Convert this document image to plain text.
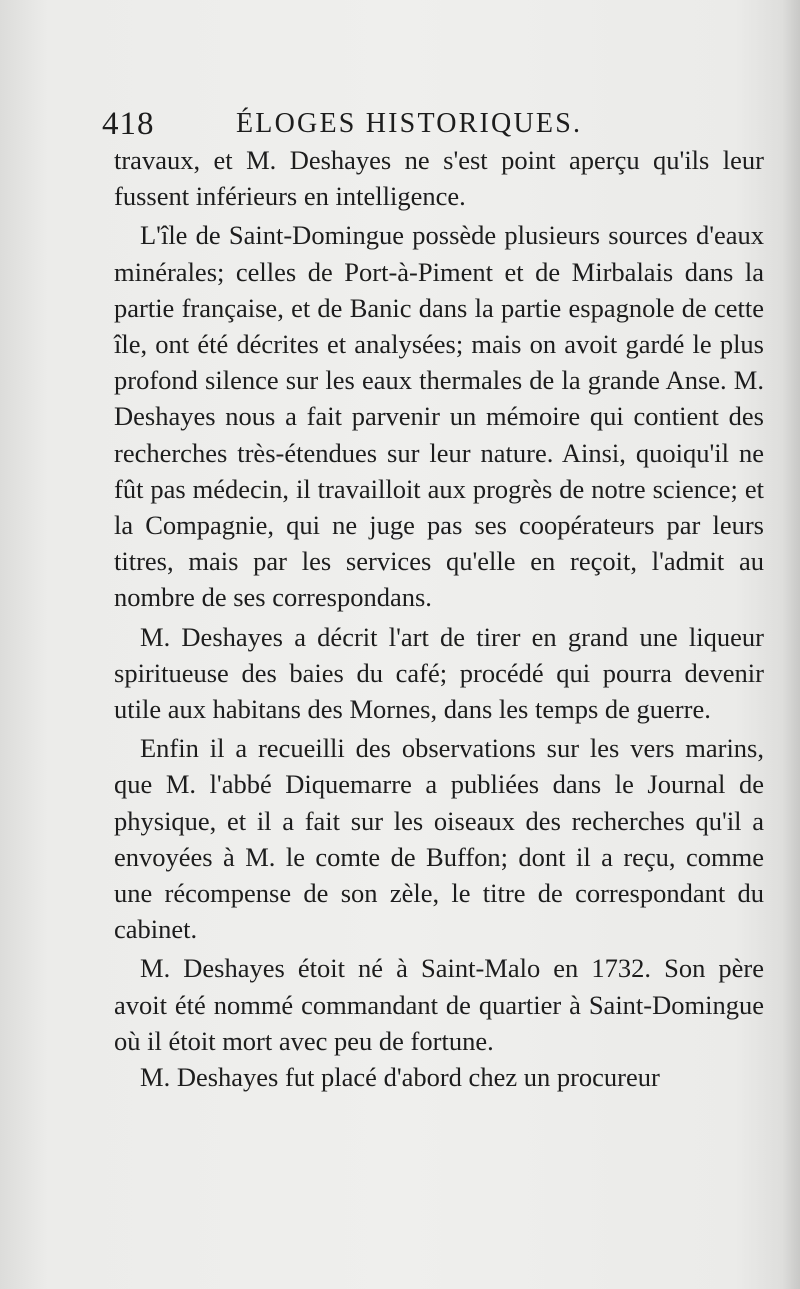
418	ÉLOGES HISTORIQUES.

travaux, et M. Deshayes ne s'est point aperçu qu'ils leur fussent inférieurs en intelligence.

L'île de Saint-Domingue possède plusieurs sources d'eaux minérales; celles de Port-à-Piment et de Mirbalais dans la partie française, et de Banic dans la partie espagnole de cette île, ont été décrites et analysées; mais on avoit gardé le plus profond silence sur les eaux thermales de la grande Anse. M. Deshayes nous a fait parvenir un mémoire qui contient des recherches très-étendues sur leur nature. Ainsi, quoiqu'il ne fût pas médecin, il travailloit aux progrès de notre science; et la Compagnie, qui ne juge pas ses coopérateurs par leurs titres, mais par les services qu'elle en reçoit, l'admit au nombre de ses correspondans.

M. Deshayes a décrit l'art de tirer en grand une liqueur spiritueuse des baies du café; procédé qui pourra devenir utile aux habitans des Mornes, dans les temps de guerre.

Enfin il a recueilli des observations sur les vers marins, que M. l'abbé Diquemarre a publiées dans le Journal de physique, et il a fait sur les oiseaux des recherches qu'il a envoyées à M. le comte de Buffon; dont il a reçu, comme une récompense de son zèle, le titre de correspondant du cabinet.

M. Deshayes étoit né à Saint-Malo en 1732. Son père avoit été nommé commandant de quartier à Saint-Domingue où il étoit mort avec peu de fortune.

M. Deshayes fut placé d'abord chez un procureur
